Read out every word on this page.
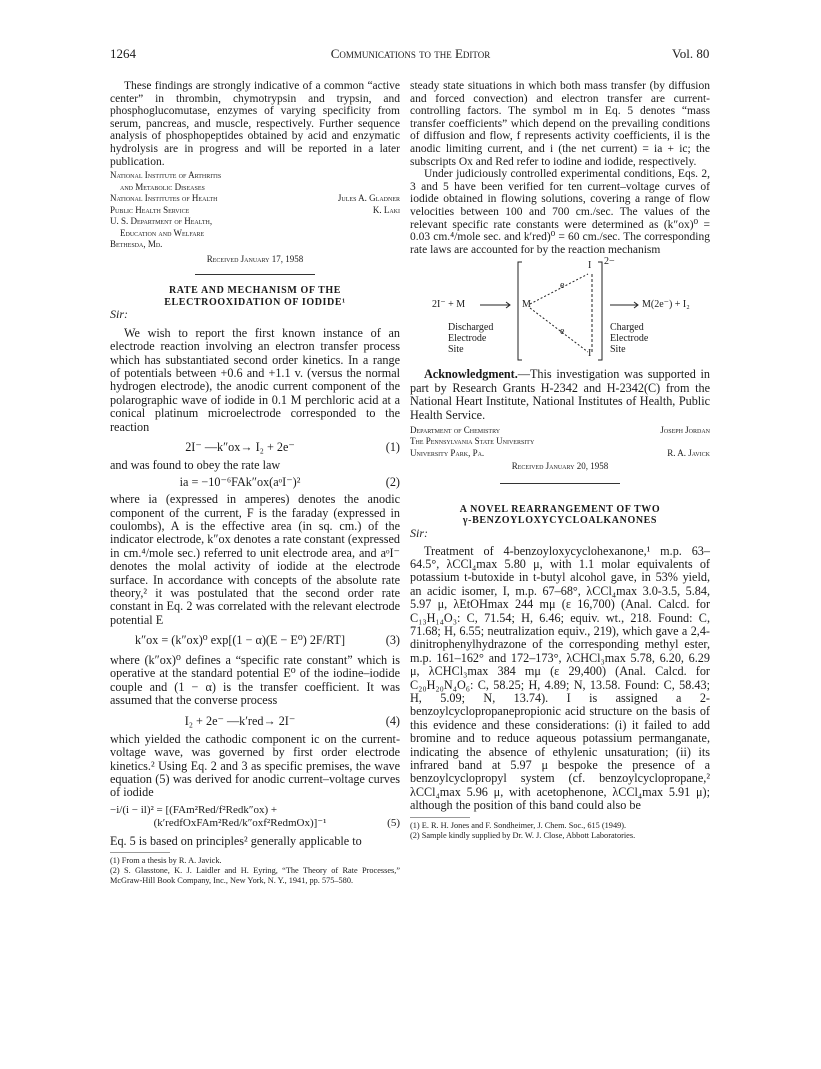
1264	Communications to the Editor	Vol. 80

These findings are strongly indicative of a common “active center” in thrombin, chymotrypsin and trypsin, and phosphoglucomutase, enzymes of varying specificity from serum, pancreas, and muscle, respectively. Further sequence analysis of phosphopeptides obtained by acid and enzymatic hydrolysis are in progress and will be reported in a later publication.

National Institute of Arthritis
and Metabolic Diseases
National Institutes of Health	Jules A. Gladner
Public Health Service	K. Laki
U. S. Department of Health,
Education and Welfare
Bethesda, Md.
Received January 17, 1958
RATE AND MECHANISM OF THE
ELECTROOXIDATION OF IODIDE¹
Sir:

We wish to report the first known instance of an electrode reaction involving an electron transfer process which has substantiated second order kinetics. In a range of potentials between +0.6 and +1.1 v. (versus the normal hydrogen electrode), the anodic current component of the polarographic wave of iodide in 0.1 M perchloric acid at a conical platinum microelectrode corresponded to the reaction

2I⁻ —k″ox→ I₂ + 2e⁻	(1)

and was found to obey the rate law

ia = −10⁻⁶FAk″ox(aᵒI⁻)²	(2)

where ia (expressed in amperes) denotes the anodic component of the current, F is the faraday (expressed in coulombs), A is the effective area (in sq. cm.) of the indicator electrode, k″ox denotes a rate constant (expressed in cm.⁴/mole sec.) referred to unit electrode area, and aᵒI⁻ denotes the molal activity of iodide at the electrode surface. In accordance with concepts of the absolute rate theory,² it was postulated that the second order rate constant in Eq. 2 was correlated with the relevant electrode potential E

k″ox = (k″ox)⁰ exp[(1 − α)(E − E⁰) 2F/RT]	(3)

where (k″ox)⁰ defines a “specific rate constant” which is operative at the standard potential E⁰ of the iodine–iodide couple and (1 − α) is the transfer coefficient. It was assumed that the converse process

I₂ + 2e⁻ —k′red→ 2I⁻	(4)

which yielded the cathodic component ic on the current-voltage wave, was governed by first order electrode kinetics.² Using Eq. 2 and 3 as specific premises, the wave equation (5) was derived for anodic current–voltage curves of iodide

−i/(i − il)² = [(FAm²Red/f²Redk″ox) +
(k′redfOxFAm²Red/k″oxf²RedmOx)]⁻¹	(5)

Eq. 5 is based on principles² generally applicable to

(1) From a thesis by R. A. Javick.
(2) S. Glasstone, K. J. Laidler and H. Eyring, “The Theory of Rate Processes,” McGraw-Hill Book Company, Inc., New York, N. Y., 1941, pp. 575–580.

steady state situations in which both mass transfer (by diffusion and forced convection) and electron transfer are current-controlling factors. The symbol m in Eq. 5 denotes “mass transfer coefficients” which depend on the prevailing conditions of diffusion and flow, f represents activity coefficients, il is the anodic limiting current, and i (the net current) = ia + ic; the subscripts Ox and Red refer to iodine and iodide, respectively.

Under judiciously controlled experimental conditions, Eqs. 2, 3 and 5 have been verified for ten current–voltage curves of iodide obtained in flowing solutions, covering a range of flow velocities between 100 and 700 cm./sec. The values of the relevant specific rate constants were determined as (k″ox)⁰ = 0.03 cm.⁴/mole sec. and k′red)⁰ = 60 cm./sec. The corresponding rate laws are accounted for by the reaction mechanism

2−
I
e
2I⁻ + M	M	M(2e⁻) + I₂
e
I
Discharged
Electrode
Site
Charged
Electrode
Site

Acknowledgment.—This investigation was supported in part by Research Grants H-2342 and H-2342(C) from the National Heart Institute, National Institutes of Health, Public Health Service.

Department of Chemistry	Joseph Jordan
The Pennsylvania State University
University Park, Pa.	R. A. Javick
Received January 20, 1958
A NOVEL REARRANGEMENT OF TWO
γ-BENZOYLOXYCYCLOALKANONES
Sir:

Treatment of 4-benzoyloxycyclohexanone,¹ m.p. 63–64.5°, λCCl₄max 5.80 μ, with 1.1 molar equivalents of potassium t-butoxide in t-butyl alcohol gave, in 53% yield, an acidic isomer, I, m.p. 67–68°, λCCl₄max 3.0-3.5, 5.84, 5.97 μ, λEtOHmax 244 mμ (ε 16,700) (Anal. Calcd. for C₁₃H₁₄O₃: C, 71.54; H, 6.46; equiv. wt., 218. Found: C, 71.68; H, 6.55; neutralization equiv., 219), which gave a 2,4-dinitrophenylhydrazone of the corresponding methyl ester, m.p. 161–162° and 172–173°, λCHCl₃max 5.78, 6.20, 6.29 μ, λCHCl₃max 384 mμ (ε 29,400) (Anal. Calcd. for C₂₀H₂₀N₄O₆: C, 58.25; H, 4.89; N, 13.58. Found: C, 58.43; H, 5.09; N, 13.74). I is assigned a 2-benzoylcyclopropanepropionic acid structure on the basis of this evidence and these considerations: (i) it failed to add bromine and to reduce aqueous potassium permanganate, indicating the absence of ethylenic unsaturation; (ii) its infrared band at 5.97 μ bespoke the presence of a benzoylcyclopropyl system (cf. benzoylcyclopropane,² λCCl₄max 5.96 μ, with acetophenone, λCCl₄max 5.91 μ); although the position of this band could also be

(1) E. R. H. Jones and F. Sondheimer, J. Chem. Soc., 615 (1949).
(2) Sample kindly supplied by Dr. W. J. Close, Abbott Laboratories.
